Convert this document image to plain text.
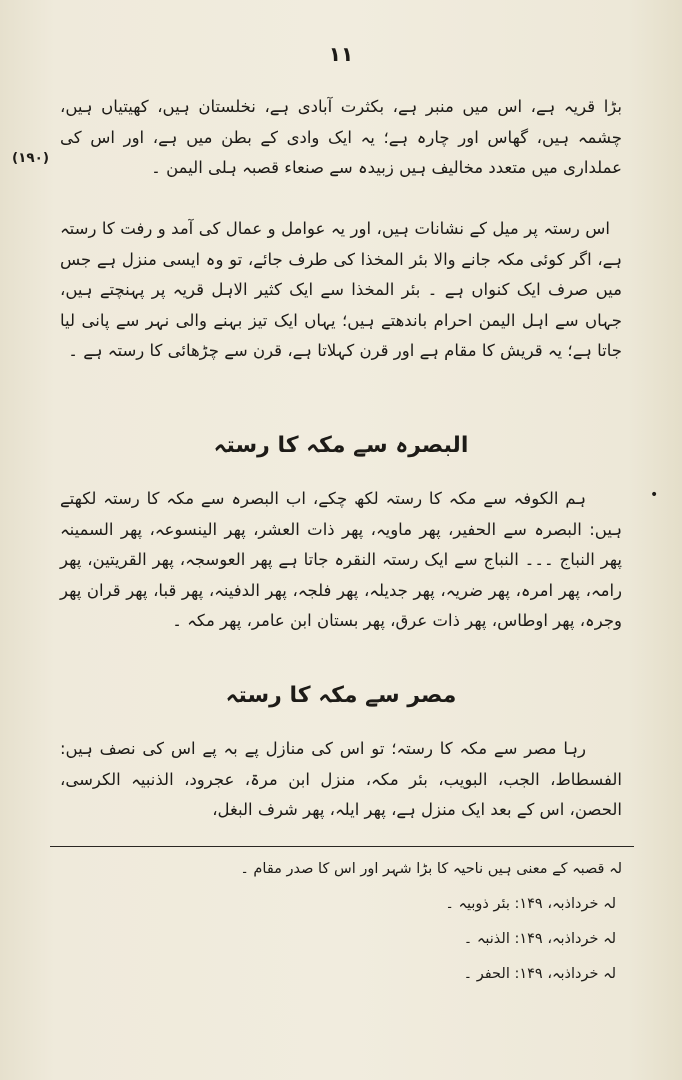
۱۱
(۱۹۰)

بڑا قریہ ہے، اس میں منبر ہے، بکثرت آبادی ہے، نخلستان ہیں، کھیتیاں ہیں، چشمہ ہیں، گھاس اور چارہ ہے؛ یہ ایک وادی کے بطن میں ہے، اور اس کی عملداری میں متعدد مخالیف ہیں زبیدہ سے صنعاء قصبہ ہلی الیمن ۔

اس رستہ پر میل کے نشانات ہیں، اور یہ عوامل و عمال کی آمد و رفت کا رستہ ہے، اگر کوئی مکہ جانے والا بئر المخذا کی طرف جائے، تو وہ ایسی منزل ہے جس میں صرف ایک کنواں ہے ۔ بئر المخذا سے ایک کثیر الاہل قریہ پر پہنچتے ہیں، جہاں سے اہل الیمن احرام باندھتے ہیں؛ یہاں ایک تیز بہنے والی نہر سے پانی لیا جاتا ہے؛ یہ قریش کا مقام ہے اور قرن کہلاتا ہے، قرن سے چڑھائی کا رستہ ہے ۔

البصرہ سے مکہ کا رستہ
•

ہم الکوفہ سے مکہ کا رستہ لکھ چکے، اب البصرہ سے مکہ کا رستہ لکھتے ہیں: البصرہ سے الحفیر، پھر ماویہ، پھر ذات العشر، پھر الینسوعہ، پھر السمینہ پھر النباج ۔۔۔ النباج سے ایک رستہ النقرہ جاتا ہے پھر العوسجہ، پھر القریتین، پھر رامہ، پھر امرہ، پھر ضریہ، پھر جدیلہ، پھر فلجہ، پھر الدفینہ، پھر قبا، پھر قران پھر وجرہ، پھر اوطاس، پھر ذات عرق، پھر بستان ابن عامر، پھر مکہ ۔

مصر سے مکہ کا رستہ

رہا مصر سے مکہ کا رستہ؛ تو اس کی منازل پے بہ پے اس کی نصف ہیں: الفسطاط، الجب، البویب، بئر مکہ، منزل ابن مرۃ، عجرود، الذنبیہ الکرسی، الحصن، اس کے بعد ایک منزل ہے، پھر ایلہ، پھر شرف البغل،

لہ قصبہ کے معنی ہیں ناحیہ کا بڑا شہر اور اس کا صدر مقام ۔
لہ خرداذبہ، ۱۴۹: بئر ذوبیہ ۔
لہ خرداذبہ، ۱۴۹: الذنبہ ۔
لہ خرداذبہ، ۱۴۹: الحفر ۔
